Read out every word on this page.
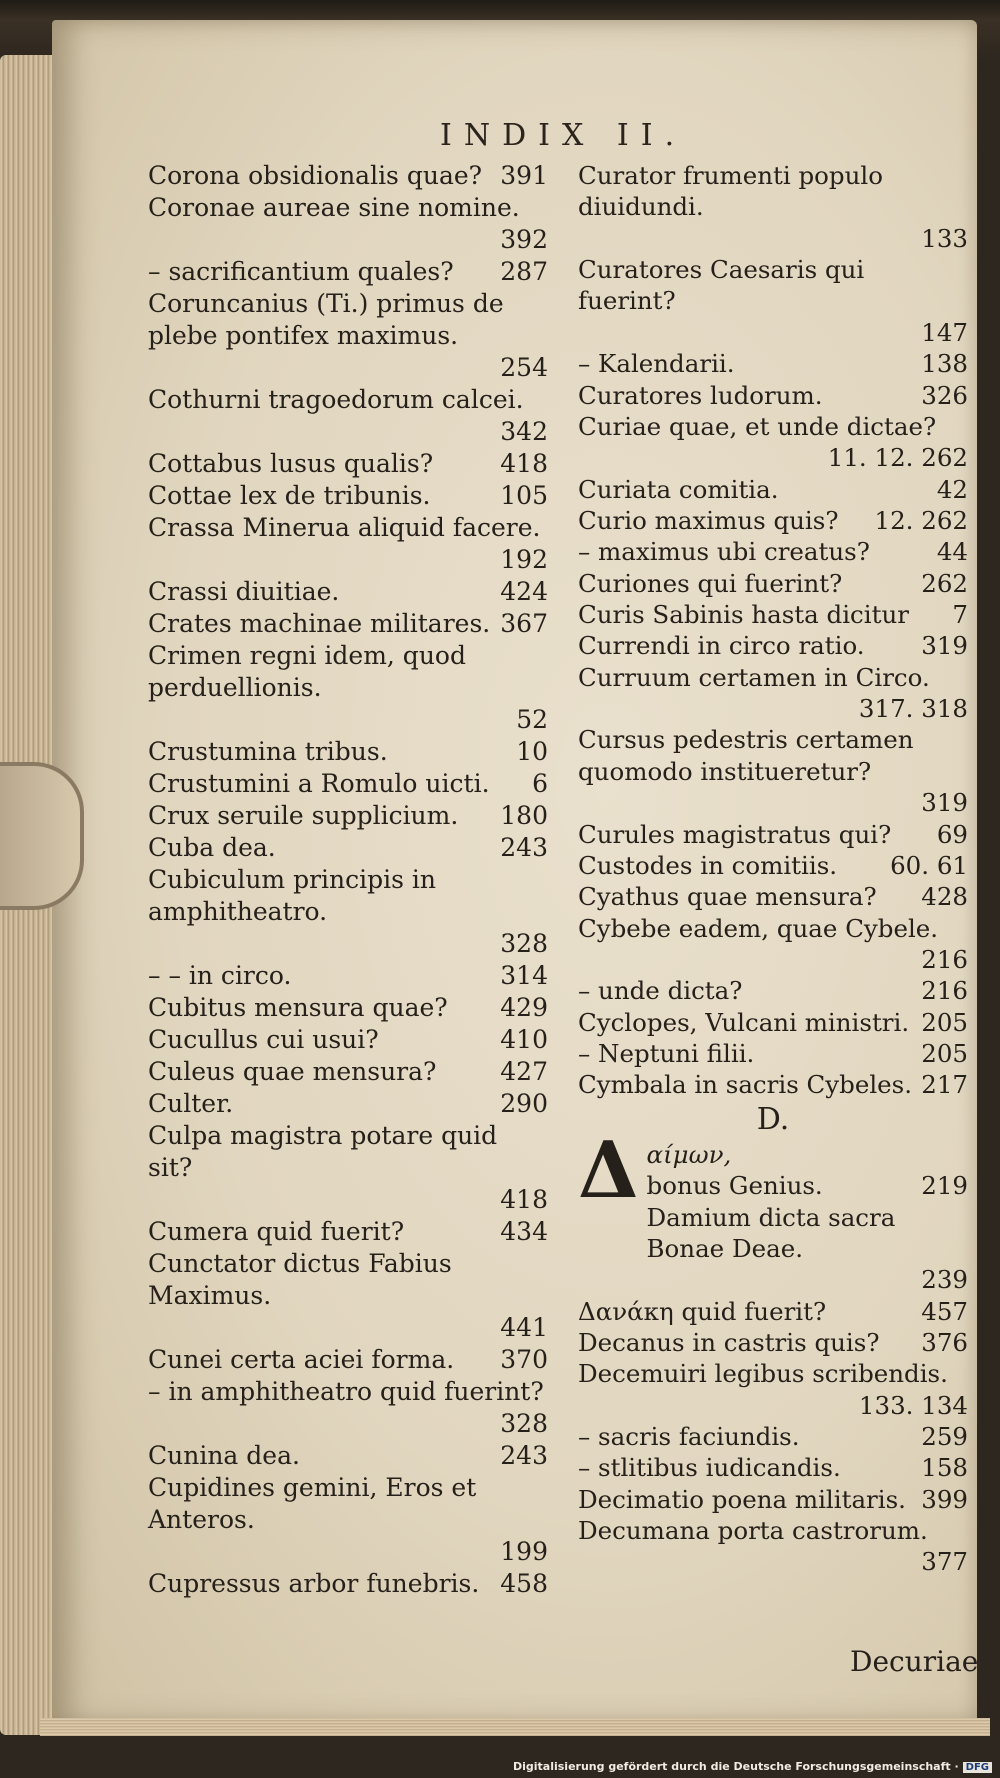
INDIX II.
Corona obsidionalis quae? 391
Coronae aureae sine nomine.
392
– sacrificantium quales?	287
Coruncanius (Ti.) primus de plebe pontifex maximus.
254
Cothurni tragoedorum calcei.
342
Cottabus lusus qualis?	418
Cottae lex de tribunis.	105
Crassa Minerua aliquid facere.
192
Crassi diuitiae.	424
Crates machinae militares. 367
Crimen regni idem, quod perduellionis.
52
Crustumina tribus.	10
Crustumini a Romulo uicti.	6
Crux seruile supplicium.	180
Cuba dea.	243
Cubiculum principis in amphitheatro.
328
– – in circo.	314
Cubitus mensura quae?	429
Cucullus cui usui?	410
Culeus quae mensura?	427
Culter.	290
Culpa magistra potare quid sit?
418
Cumera quid fuerit?	434
Cunctator dictus Fabius Maximus.
441
Cunei certa aciei forma.	370
– in amphitheatro quid fuerint?
328
Cunina dea.	243
Cupidines gemini, Eros et Anteros.
199
Cupressus arbor funebris. 458
Curator frumenti populo diuidundi.
133
Curatores Caesaris qui fuerint?
147
– Kalendarii.	138
Curatores ludorum.	326
Curiae quae, et unde dictae?
11. 12. 262
Curiata comitia.	42
Curio maximus quis?	12. 262
– maximus ubi creatus?	44
Curiones qui fuerint?	262
Curis Sabinis hasta dicitur	7
Currendi in circo ratio.	319
Curruum certamen in Circo.
317. 318
Cursus pedestris certamen quomodo institueretur?
319
Curules magistratus qui?	69
Custodes in comitiis.	60. 61
Cyathus quae mensura?	428
Cybebe eadem, quae Cybele.
216
– unde dicta?	216
Cyclopes, Vulcani ministri. 205
– Neptuni filii.	205
Cymbala in sacris Cybeles. 217
D.
Δ αίμων,
bonus Genius.	219
Damium dicta sacra Bonae Deae.
239
Δανάκη quid fuerit?	457
Decanus in castris quis?	376
Decemuiri legibus scribendis.
133. 134
– sacris faciundis.	259
– stlitibus iudicandis.	158
Decimatio poena militaris. 399
Decumana porta castrorum.
377
Decuriae
Digitalisierung gefördert durch die Deutsche Forschungsgemeinschaft · DFG
